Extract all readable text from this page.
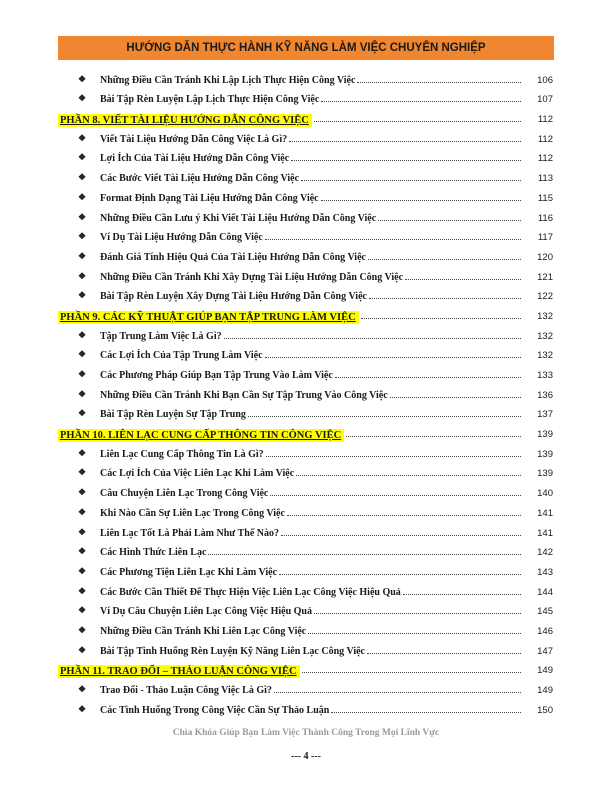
HƯỚNG DẪN THỰC HÀNH KỸ NĂNG LÀM VIỆC CHUYÊN NGHIỆP
❖ Những Điều Cần Tránh Khi Lập Lịch Thực Hiện Công Việc	106
❖ Bài Tập Rèn Luyện Lập Lịch Thực Hiện Công Việc	107
PHẦN 8. VIẾT TÀI LIỆU HƯỚNG DẪN CÔNG VIỆC	112
❖ Viết Tài Liệu Hướng Dẫn Công Việc Là Gì?	112
❖ Lợi Ích Của Tài Liệu Hướng Dẫn Công Việc	112
❖ Các Bước Viết Tài Liệu Hướng Dẫn Công Việc	113
❖ Format Định Dạng Tài Liệu Hướng Dẫn Công Việc	115
❖ Những Điều Cần Lưu ý Khi Viết Tài Liệu Hướng Dẫn Công Việc	116
❖ Ví Dụ Tài Liệu Hướng Dẫn Công Việc	117
❖ Đánh Giá Tính Hiệu Quả Của Tài Liệu Hướng Dẫn Công Việc	120
❖ Những Điều Cần Tránh Khi Xây Dựng Tài Liệu Hướng Dẫn Công Việc	121
❖ Bài Tập Rèn Luyện Xây Dựng Tài Liệu Hướng Dẫn Công Việc	122
PHẦN 9. CÁC KỸ THUẬT GIÚP BẠN TẬP TRUNG LÀM VIỆC	132
❖ Tập Trung Làm Việc Là Gì?	132
❖ Các Lợi Ích Của Tập Trung Làm Việc	132
❖ Các Phương Pháp Giúp Bạn Tập Trung Vào Làm Việc	133
❖ Những Điều Cần Tránh Khi Bạn Cần Sự Tập Trung Vào Công Việc	136
❖ Bài Tập Rèn Luyện Sự Tập Trung	137
PHẦN 10. LIÊN LẠC CUNG CẤP THÔNG TIN CÔNG VIỆC	139
❖ Liên Lạc Cung Cấp Thông Tin Là Gì?	139
❖ Các Lợi Ích Của Việc Liên Lạc Khi Làm Việc	139
❖ Câu Chuyện Liên Lạc Trong Công Việc	140
❖ Khi Nào Cần Sự Liên Lạc Trong Công Việc	141
❖ Liên Lạc Tốt Là Phải Làm Như Thế Nào?	141
❖ Các Hình Thức Liên Lạc	142
❖ Các Phương Tiện Liên Lạc Khi Làm Việc	143
❖ Các Bước Cần Thiết Để Thực Hiện Việc Liên Lạc Công Việc Hiệu Quả	144
❖ Ví Dụ Câu Chuyện Liên Lạc Công Việc Hiệu Quả	145
❖ Những Điều Cần Tránh Khi Liên Lạc Công Việc	146
❖ Bài Tập Tình Huống Rèn Luyện Kỹ Năng Liên Lạc Công Việc	147
PHẦN 11. TRAO ĐỔI – THẢO LUẬN CÔNG VIỆC	149
❖ Trao Đổi - Thảo Luận Công Việc Là Gì?	149
❖ Các Tình Huống Trong Công Việc Cần Sự Thảo Luận	150
Chìa Khóa Giúp Bạn Làm Việc Thành Công Trong Mọi Lĩnh Vực
--- 4 ---
